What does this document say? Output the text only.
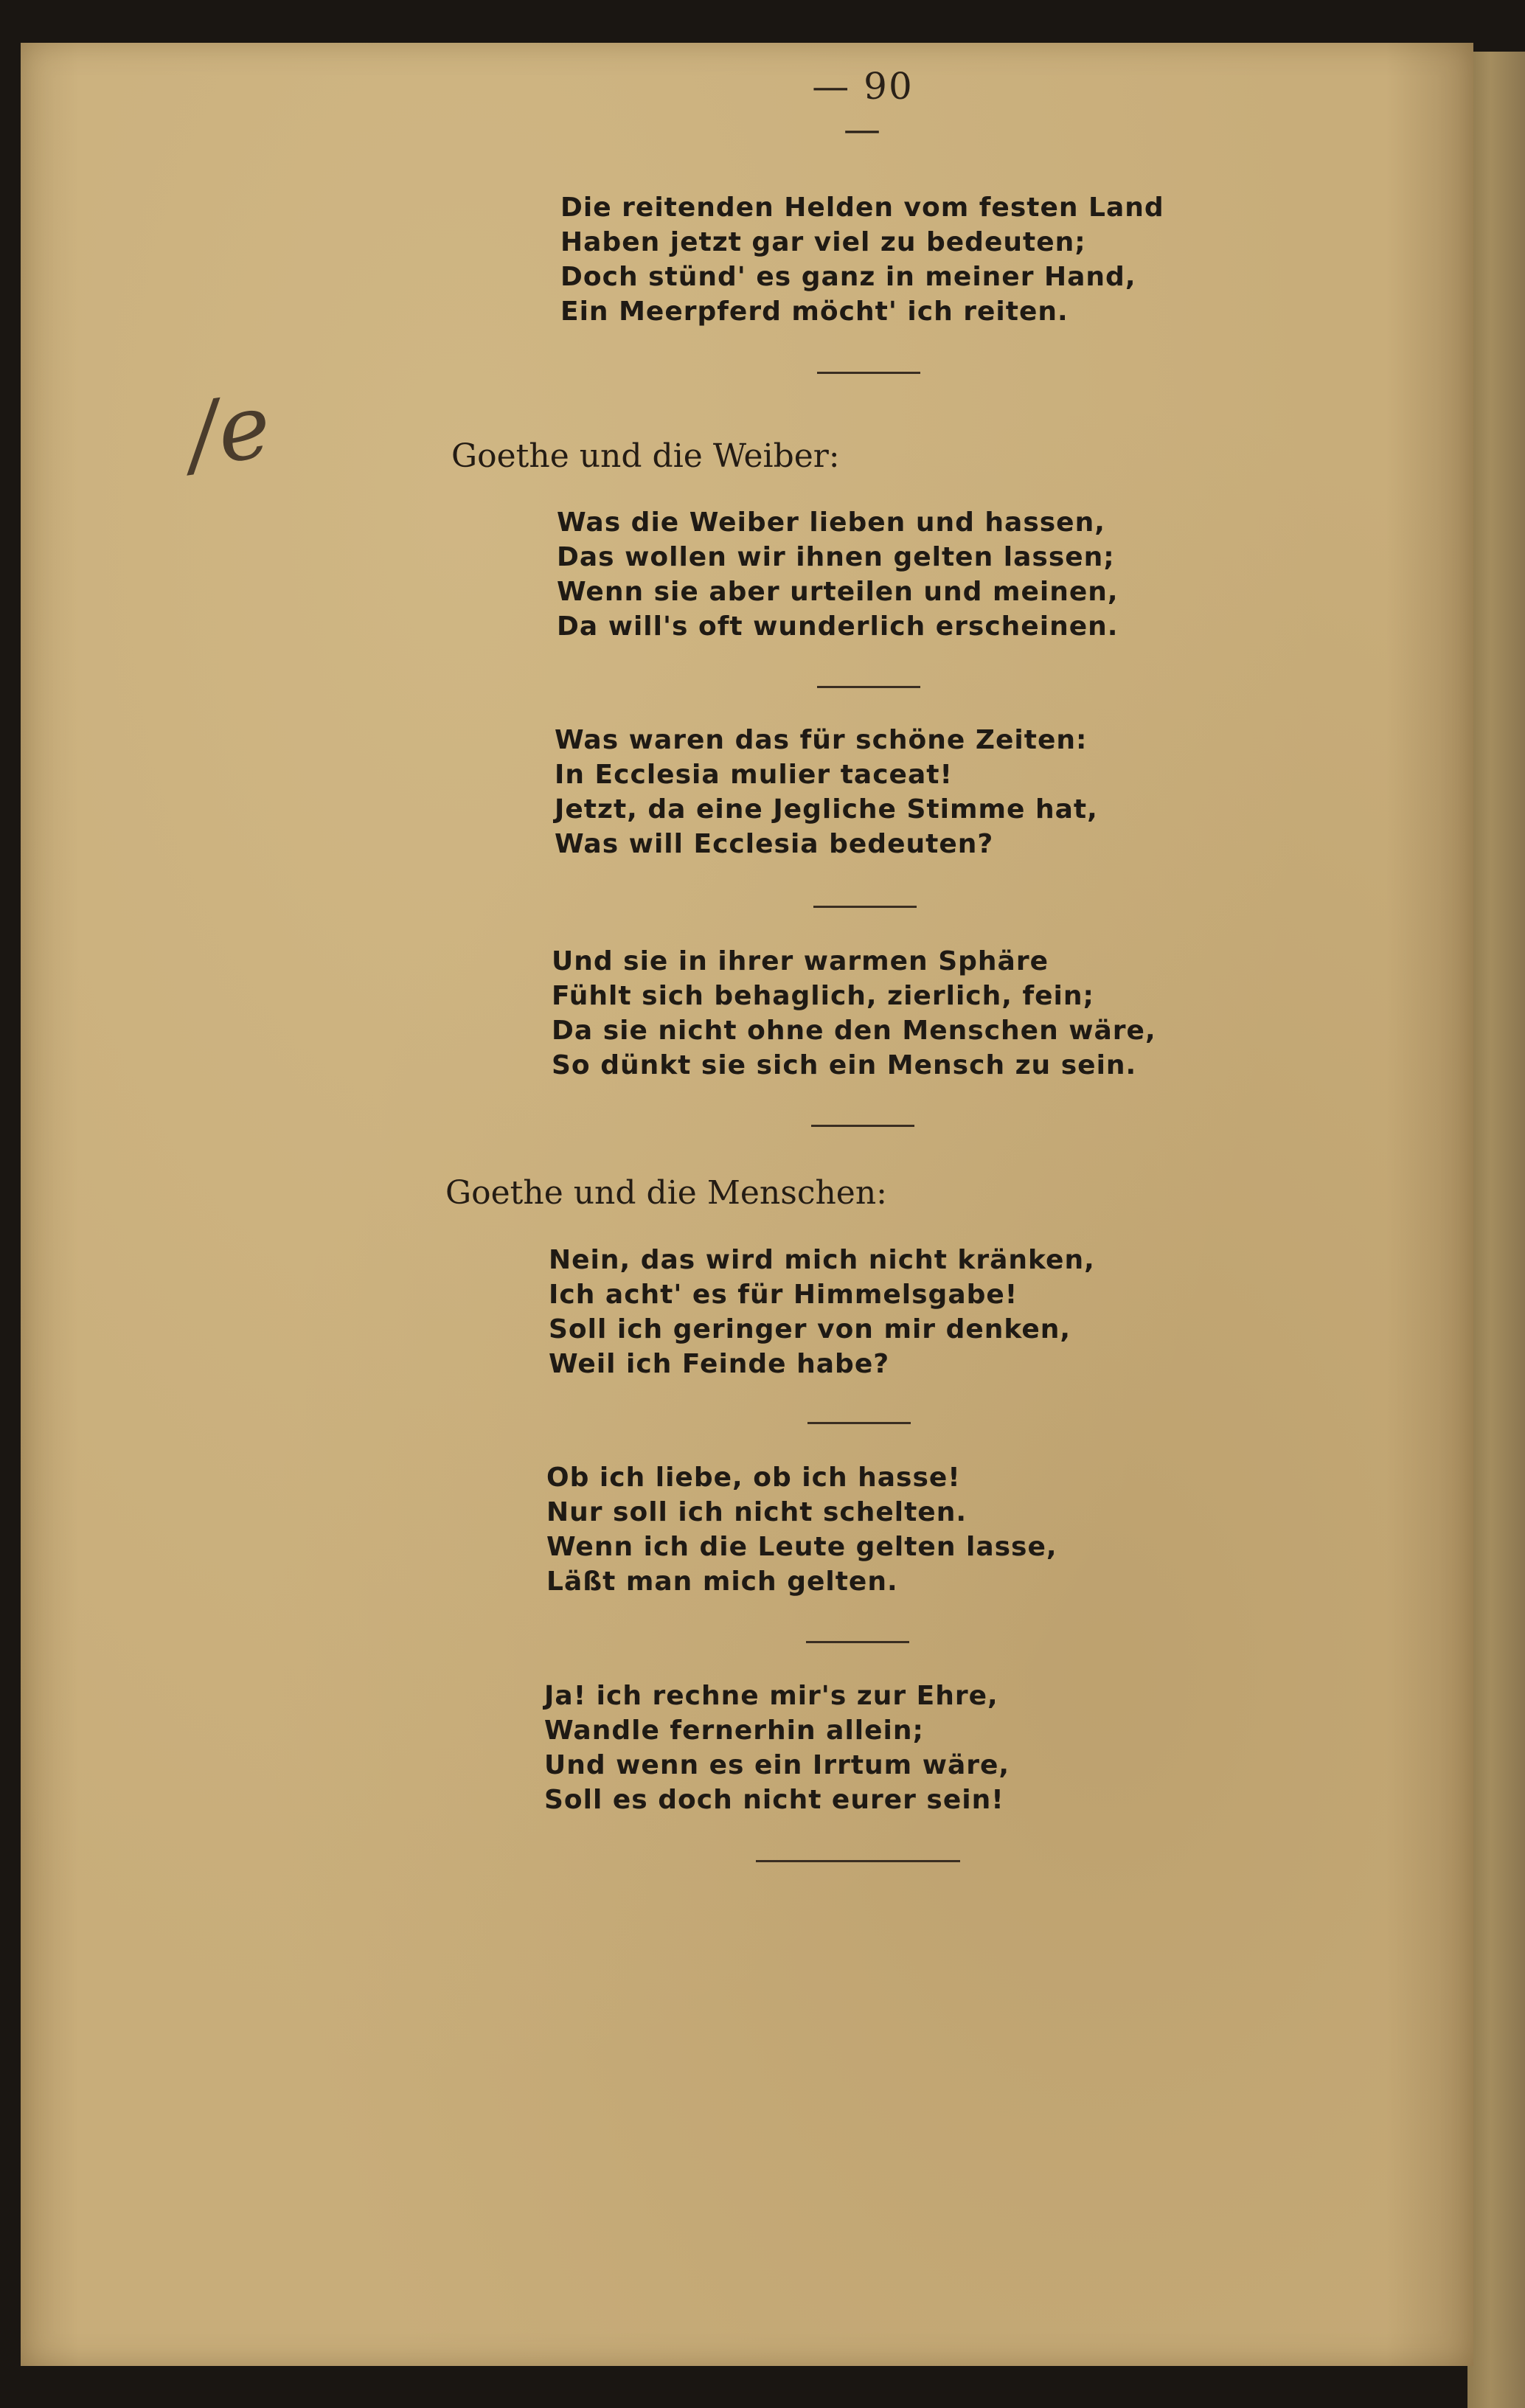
— 90 —
/e
Die reitenden Helden vom festen Land
Haben jetzt gar viel zu bedeuten;
Doch stünd' es ganz in meiner Hand,
Ein Meerpferd möcht' ich reiten.
Goethe und die Weiber:
Was die Weiber lieben und hassen,
Das wollen wir ihnen gelten lassen;
Wenn sie aber urteilen und meinen,
Da will's oft wunderlich erscheinen.
Was waren das für schöne Zeiten:
In Ecclesia mulier taceat!
Jetzt, da eine Jegliche Stimme hat,
Was will Ecclesia bedeuten?
Und sie in ihrer warmen Sphäre
Fühlt sich behaglich, zierlich, fein;
Da sie nicht ohne den Menschen wäre,
So dünkt sie sich ein Mensch zu sein.
Goethe und die Menschen:
Nein, das wird mich nicht kränken,
Ich acht' es für Himmelsgabe!
Soll ich geringer von mir denken,
Weil ich Feinde habe?
Ob ich liebe, ob ich hasse!
Nur soll ich nicht schelten.
Wenn ich die Leute gelten lasse,
Läßt man mich gelten.
Ja! ich rechne mir's zur Ehre,
Wandle fernerhin allein;
Und wenn es ein Irrtum wäre,
Soll es doch nicht eurer sein!
